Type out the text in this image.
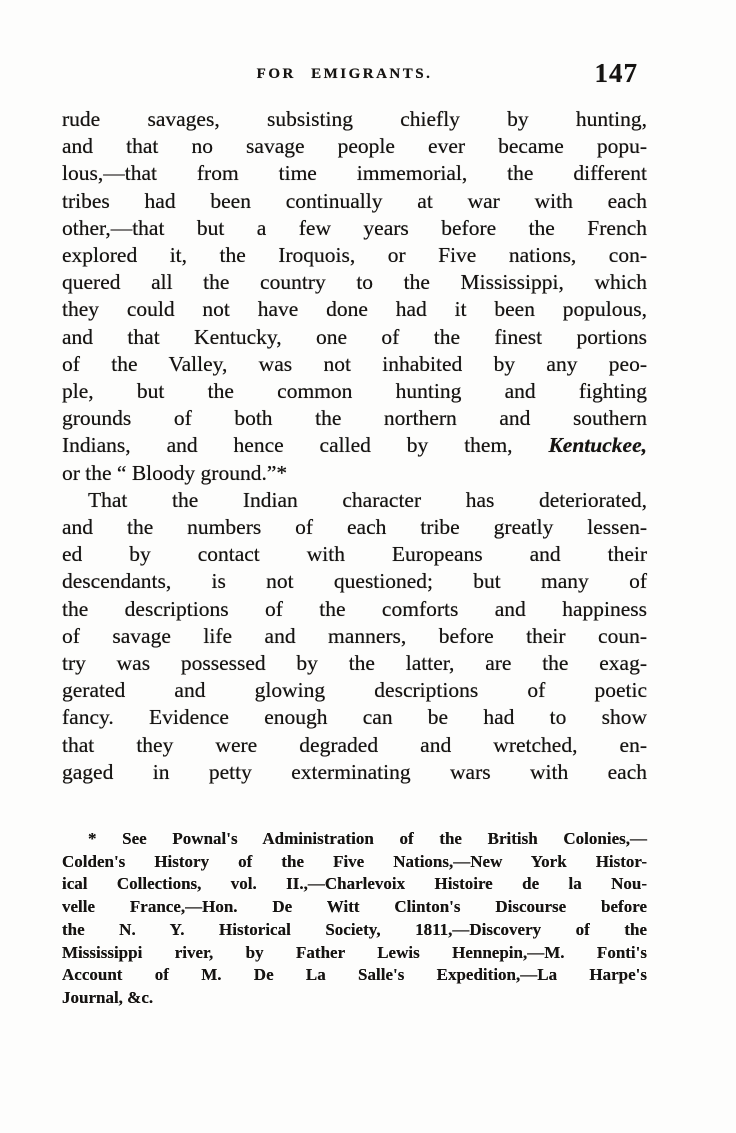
FOR EMIGRANTS.	147
rude savages, subsisting chiefly by hunting,
and that no savage people ever became popu-
lous,—that from time immemorial, the different
tribes had been continually at war with each
other,—that but a few years before the French
explored it, the Iroquois, or Five nations, con-
quered all the country to the Mississippi, which
they could not have done had it been populous,
and that Kentucky, one of the finest portions
of the Valley, was not inhabited by any peo-
ple, but the common hunting and fighting
grounds of both the northern and southern
Indians, and hence called by them, Kentuckee,
or the “ Bloody ground.”*
That the Indian character has deteriorated,
and the numbers of each tribe greatly lessen-
ed by contact with Europeans and their
descendants, is not questioned; but many of
the descriptions of the comforts and happiness
of savage life and manners, before their coun-
try was possessed by the latter, are the exag-
gerated and glowing descriptions of poetic
fancy. Evidence enough can be had to show
that they were degraded and wretched, en-
gaged in petty exterminating wars with each
* See Pownal's Administration of the British Colonies,—
Colden's History of the Five Nations,—New York Histor-
ical Collections, vol. II.,—Charlevoix Histoire de la Nou-
velle France,—Hon. De Witt Clinton's Discourse before
the N. Y. Historical Society, 1811,—Discovery of the
Mississippi river, by Father Lewis Hennepin,—M. Fonti's
Account of M. De La Salle's Expedition,—La Harpe's
Journal, &c.
